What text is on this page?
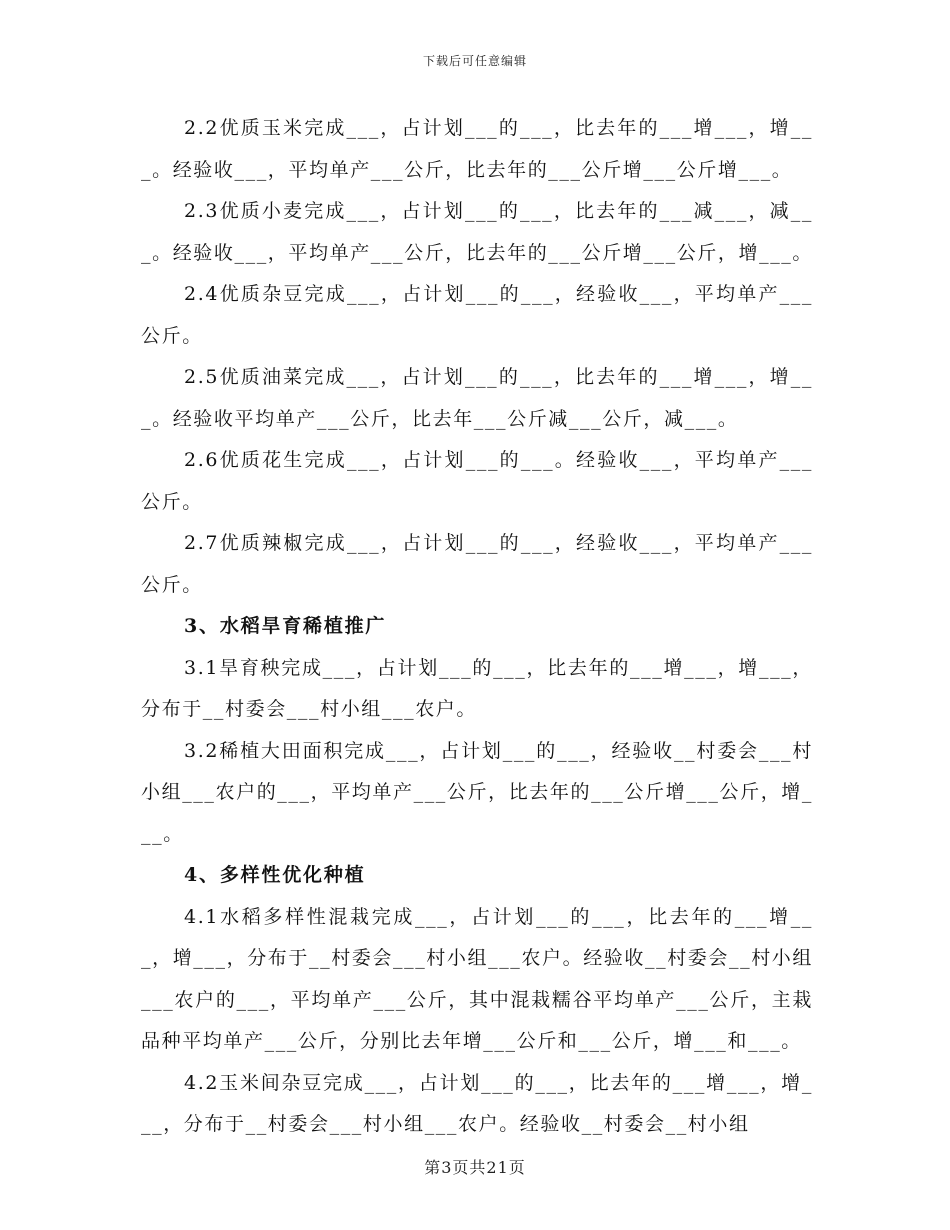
下载后可任意编辑

2.2优质玉米完成___，占计划___的___，比去年的___增___，增___。经验收___，平均单产___公斤，比去年的___公斤增___公斤增___。

2.3优质小麦完成___，占计划___的___，比去年的___减___，减___。经验收___，平均单产___公斤，比去年的___公斤增___公斤，增___。

2.4优质杂豆完成___，占计划___的___，经验收___，平均单产___公斤。

2.5优质油菜完成___，占计划___的___，比去年的___增___，增___。经验收平均单产___公斤，比去年___公斤减___公斤，减___。

2.6优质花生完成___，占计划___的___。经验收___，平均单产___公斤。

2.7优质辣椒完成___，占计划___的___，经验收___，平均单产___公斤。

3、水稻旱育稀植推广

3.1旱育秧完成___，占计划___的___，比去年的___增___，增___，分布于__村委会___村小组___农户。

3.2稀植大田面积完成___，占计划___的___，经验收__村委会___村小组___农户的___，平均单产___公斤，比去年的___公斤增___公斤，增___。

4、多样性优化种植

4.1水稻多样性混栽完成___，占计划___的___，比去年的___增___，增___，分布于__村委会___村小组___农户。经验收__村委会__村小组___农户的___，平均单产___公斤，其中混栽糯谷平均单产___公斤，主栽品种平均单产___公斤，分别比去年增___公斤和___公斤，增___和___。

4.2玉米间杂豆完成___，占计划___的___，比去年的___增___，增___，分布于__村委会___村小组___农户。经验收__村委会__村小组

第3页共21页
